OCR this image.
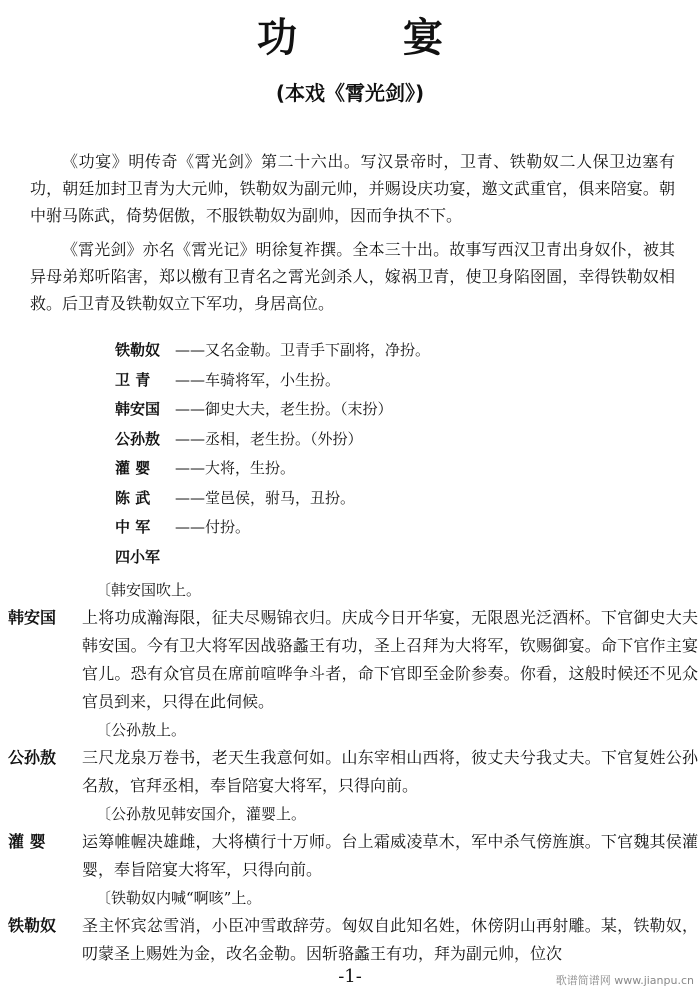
功 宴
(本戏《霄光剑》)

《功宴》明传奇《霄光剑》第二十六出。写汉景帝时，卫青、铁勒奴二人保卫边塞有功，朝廷加封卫青为大元帅，铁勒奴为副元帅，并赐设庆功宴，邀文武重官，俱来陪宴。朝中驸马陈武，倚势倨傲，不服铁勒奴为副帅，因而争执不下。

《霄光剑》亦名《霄光记》明徐复祚撰。全本三十出。故事写西汉卫青出身奴仆，被其异母弟郑听陷害，郑以檄有卫青名之霄光剑杀人，嫁祸卫青，使卫身陷囹圄，幸得铁勒奴相救。后卫青及铁勒奴立下军功，身居高位。

铁勒奴 ——又名金勒。卫青手下副将，净扮。
卫 青 ——车骑将军，小生扮。
韩安国 ——御史大夫，老生扮。（末扮）
公孙敖 ——丞相，老生扮。（外扮）
灌 婴 ——大将，生扮。
陈 武 ——堂邑侯，驸马，丑扮。
中 军 ——付扮。
四小军
〔韩安国吹上。
韩安国	上将功成瀚海限，征夫尽赐锦衣归。庆成今日开华宴，无限恩光泛酒杯。下官御史大夫韩安国。今有卫大将军因战骆蠡王有功，圣上召拜为大将军，钦赐御宴。命下官作主宴官儿。恐有众官员在席前喧哗争斗者，命下官即至金阶参奏。你看，这般时候还不见众官员到来，只得在此伺候。
〔公孙敖上。
公孙敖	三尺龙泉万卷书，老天生我意何如。山东宰相山西将，彼丈夫兮我丈夫。下官复姓公孙名敖，官拜丞相，奉旨陪宴大将军，只得向前。
〔公孙敖见韩安国介，灌婴上。
灌 婴	运筹帷幄决雄雌，大将横行十万师。台上霜威凌草木，军中杀气傍旌旗。下官魏其侯灌婴，奉旨陪宴大将军，只得向前。
〔铁勒奴内喊“啊咳”上。
铁勒奴	圣主怀宾忿雪消，小臣冲雪敢辞劳。匈奴自此知名姓，休傍阴山再射雕。某，铁勒奴，叨蒙圣上赐姓为金，改名金勒。因斩骆蠡王有功，拜为副元帅，位次
-1-	歌谱简谱网 www.jianpu.cn
